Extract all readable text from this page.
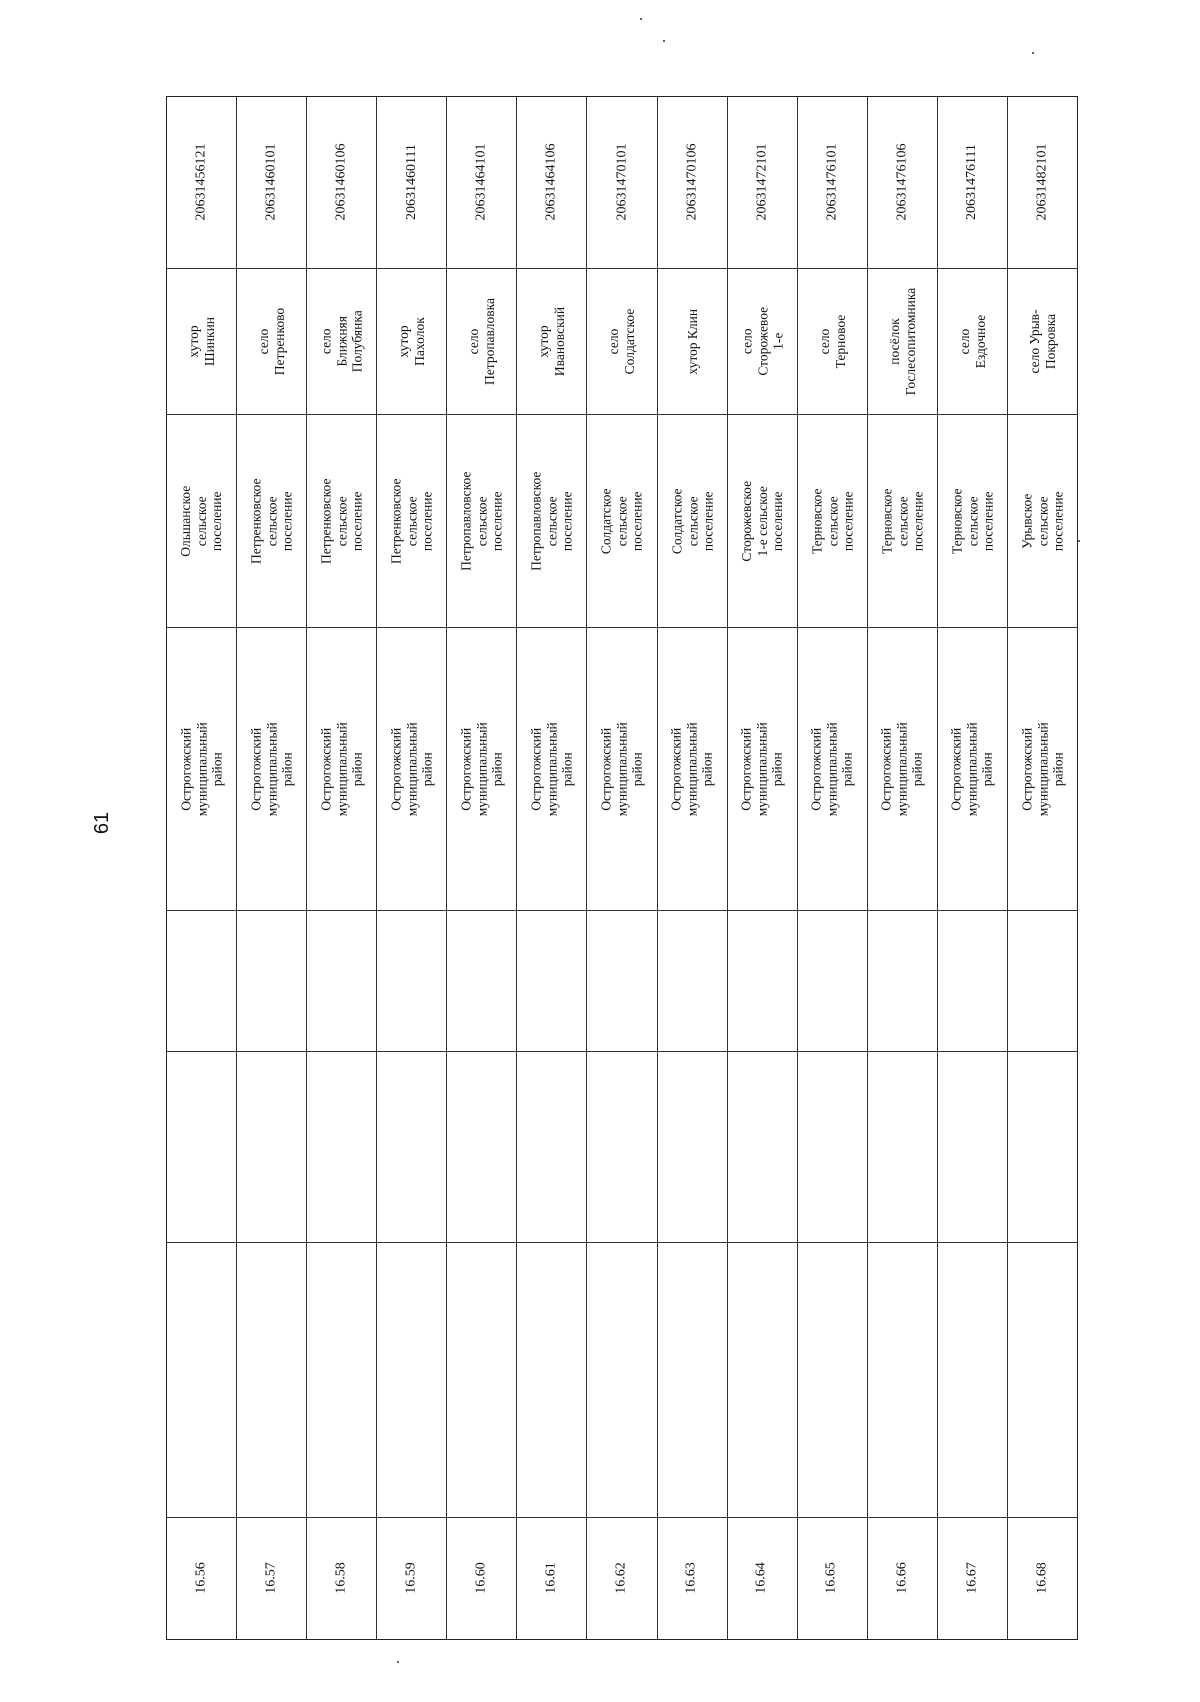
61
20631456121
хутор Шинкин
Ольшанское сельское поселение
Острогожский муниципальный район
16.56
20631460101
село Петренково
Петренковское сельское поселение
Острогожский муниципальный район
16.57
20631460106
село Ближняя Полубянка
Петренковское сельское поселение
Острогожский муниципальный район
16.58
20631460111
хутор Пахолок
Петренковское сельское поселение
Острогожский муниципальный район
16.59
20631464101
село Петропавловка
Петропавловское сельское поселение
Острогожский муниципальный район
16.60
20631464106
хутор Ивановский
Петропавловское сельское поселение
Острогожский муниципальный район
16.61
20631470101
село Солдатское
Солдатское сельское поселение
Острогожский муниципальный район
16.62
20631470106
хутор Клин
Солдатское сельское поселение
Острогожский муниципальный район
16.63
20631472101
село Сторожевое 1-е
Сторожевское 1-е сельское поселение
Острогожский муниципальный район
16.64
20631476101
село Терновое
Терновское сельское поселение
Острогожский муниципальный район
16.65
20631476106
посёлок Гослесопитомника
Терновское сельское поселение
Острогожский муниципальный район
16.66
20631476111
село Ездочное
Терновское сельское поселение
Острогожский муниципальный район
16.67
20631482101
село Урыв-Покровка
Урывское сельское поселение
Острогожский муниципальный район
16.68
